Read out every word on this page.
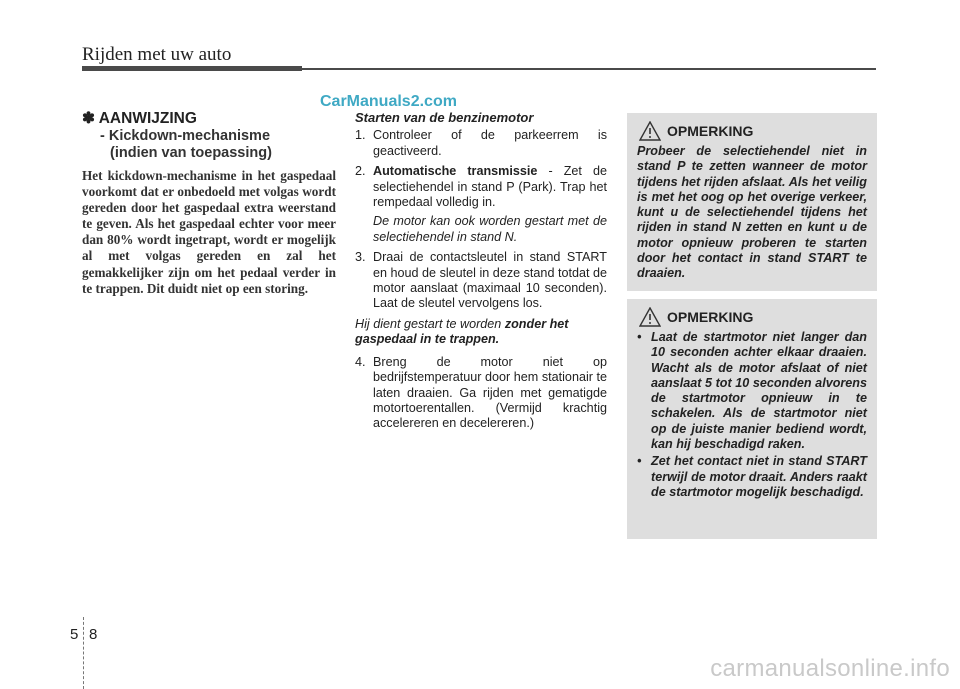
Rijden met uw auto
CarManuals2.com
✽ AANWIJZING
- Kickdown-mechanisme
(indien van toepassing)
Het kickdown-mechanisme in het gaspedaal voorkomt dat er onbedoeld met volgas wordt gereden door het gaspedaal extra weerstand te geven. Als het gaspedaal echter voor meer dan 80% wordt ingetrapt, wordt er mogelijk al met volgas gereden en zal het gemakkelijker zijn om het pedaal verder in te trappen. Dit duidt niet op een storing.
Starten van de benzinemotor
1. Controleer of de parkeerrem is geactiveerd.
2. Automatische transmissie - Zet de selectiehendel in stand P (Park). Trap het rempedaal volledig in.
De motor kan ook worden gestart met de selectiehendel in stand N.
3. Draai de contactsleutel in stand START en houd de sleutel in deze stand totdat de motor aanslaat (maximaal 10 seconden). Laat de sleutel vervolgens los.
Hij dient gestart te worden zonder het gaspedaal in te trappen.
4. Breng de motor niet op bedrijfstemperatuur door hem stationair te laten draaien. Ga rijden met gematigde motortoerentallen. (Vermijd krachtig accelereren en decelereren.)
OPMERKING
Probeer de selectiehendel niet in stand P te zetten wanneer de motor tijdens het rijden afslaat. Als het veilig is met het oog op het overige verkeer, kunt u de selectiehendel tijdens het rijden in stand N zetten en kunt u de motor opnieuw proberen te starten door het contact in stand START te draaien.
OPMERKING
• Laat de startmotor niet langer dan 10 seconden achter elkaar draaien. Wacht als de motor afslaat of niet aanslaat 5 tot 10 seconden alvorens de startmotor opnieuw in te schakelen. Als de startmotor niet op de juiste manier bediend wordt, kan hij beschadigd raken.
• Zet het contact niet in stand START terwijl de motor draait. Anders raakt de startmotor mogelijk beschadigd.
5 8
carmanualsonline.info
